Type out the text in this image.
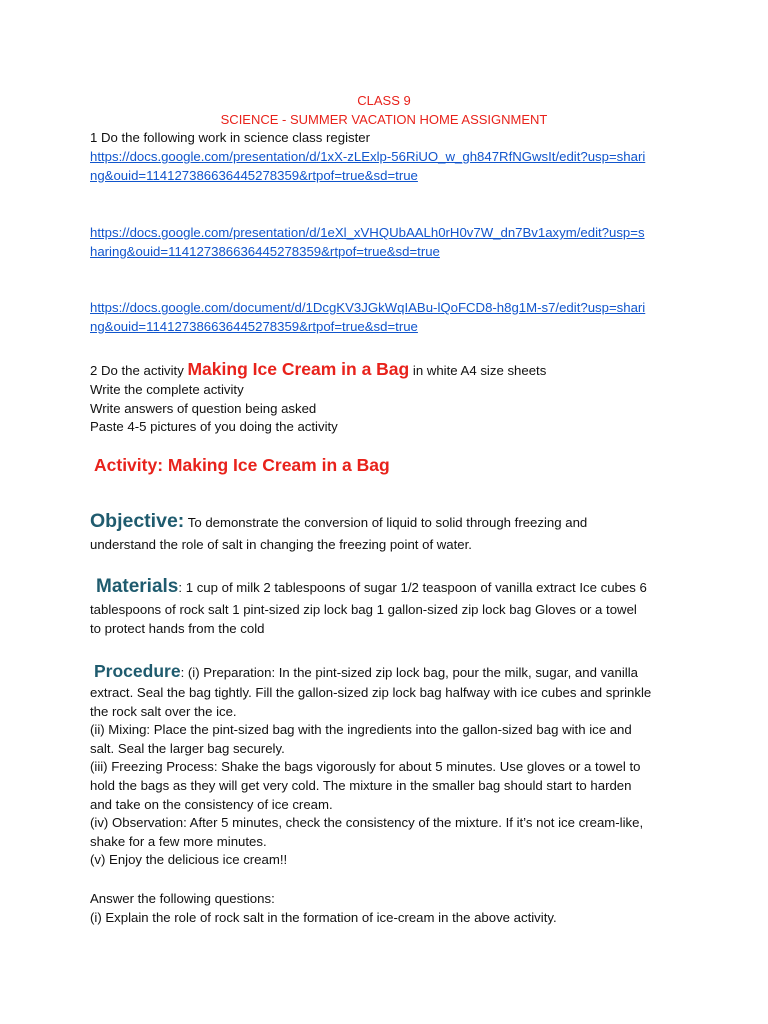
CLASS 9
SCIENCE - SUMMER VACATION HOME ASSIGNMENT
1 Do the following work in science class register
https://docs.google.com/presentation/d/1xX-zLExlp-56RiUO_w_gh847RfNGwsIt/edit?usp=shari
ng&ouid=114127386636445278359&rtpof=true&sd=true
https://docs.google.com/presentation/d/1eXl_xVHQUbAALh0rH0v7W_dn7Bv1axym/edit?usp=s
haring&ouid=114127386636445278359&rtpof=true&sd=true
https://docs.google.com/document/d/1DcgKV3JGkWqIABu-lQoFCD8-h8g1M-s7/edit?usp=shari
ng&ouid=114127386636445278359&rtpof=true&sd=true
2 Do the activity Making Ice Cream in a Bag in white A4 size sheets
Write the complete activity
Write answers of question being asked
Paste 4-5 pictures of you doing the activity
Activity: Making Ice Cream in a Bag
Objective: To demonstrate the conversion of liquid to solid through freezing and
understand the role of salt in changing the freezing point of water.
Materials: 1 cup of milk 2 tablespoons of sugar 1/2 teaspoon of vanilla extract Ice cubes 6
tablespoons of rock salt 1 pint-sized zip lock bag 1 gallon-sized zip lock bag Gloves or a towel
to protect hands from the cold
Procedure: (i) Preparation: In the pint-sized zip lock bag, pour the milk, sugar, and vanilla
extract. Seal the bag tightly. Fill the gallon-sized zip lock bag halfway with ice cubes and sprinkle
the rock salt over the ice.
(ii) Mixing: Place the pint-sized bag with the ingredients into the gallon-sized bag with ice and
salt. Seal the larger bag securely.
(iii) Freezing Process: Shake the bags vigorously for about 5 minutes. Use gloves or a towel to
hold the bags as they will get very cold. The mixture in the smaller bag should start to harden
and take on the consistency of ice cream.
(iv) Observation: After 5 minutes, check the consistency of the mixture. If it’s not ice cream-like,
shake for a few more minutes.
(v) Enjoy the delicious ice cream!!
Answer the following questions:
(i) Explain the role of rock salt in the formation of ice-cream in the above activity.
